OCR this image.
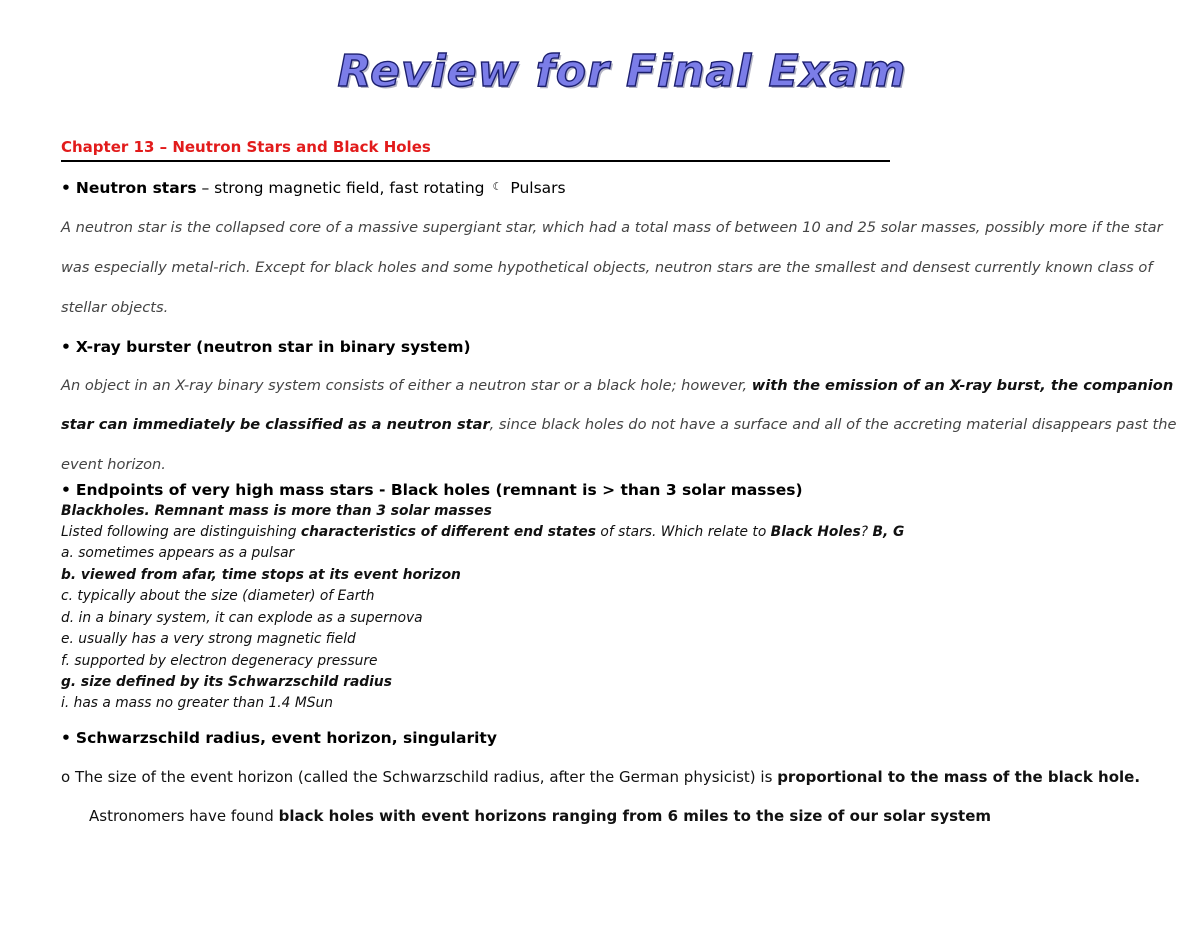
Review for Final Exam
Chapter 13 – Neutron Stars and Black Holes
• Neutron stars – strong magnetic field, fast rotating ☾ Pulsars
A neutron star is the collapsed core of a massive supergiant star, which had a total mass of between 10 and 25 solar masses, possibly more if the star
was especially metal-rich. Except for black holes and some hypothetical objects, neutron stars are the smallest and densest currently known class of
stellar objects.
• X-ray burster (neutron star in binary system)
An object in an X-ray binary system consists of either a neutron star or a black hole; however, with the emission of an X-ray burst, the companion
star can immediately be classified as a neutron star, since black holes do not have a surface and all of the accreting material disappears past the
event horizon.
• Endpoints of very high mass stars - Black holes (remnant is > than 3 solar masses)
Blackholes. Remnant mass is more than 3 solar masses
Listed following are distinguishing characteristics of different end states of stars. Which relate to Black Holes? B, G
a. sometimes appears as a pulsar
b. viewed from afar, time stops at its event horizon
c. typically about the size (diameter) of Earth
d. in a binary system, it can explode as a supernova
e. usually has a very strong magnetic field
f. supported by electron degeneracy pressure
g. size defined by its Schwarzschild radius
i. has a mass no greater than 1.4 MSun
• Schwarzschild radius, event horizon, singularity
o The size of the event horizon (called the Schwarzschild radius, after the German physicist) is proportional to the mass of the black hole.
Astronomers have found black holes with event horizons ranging from 6 miles to the size of our solar system
